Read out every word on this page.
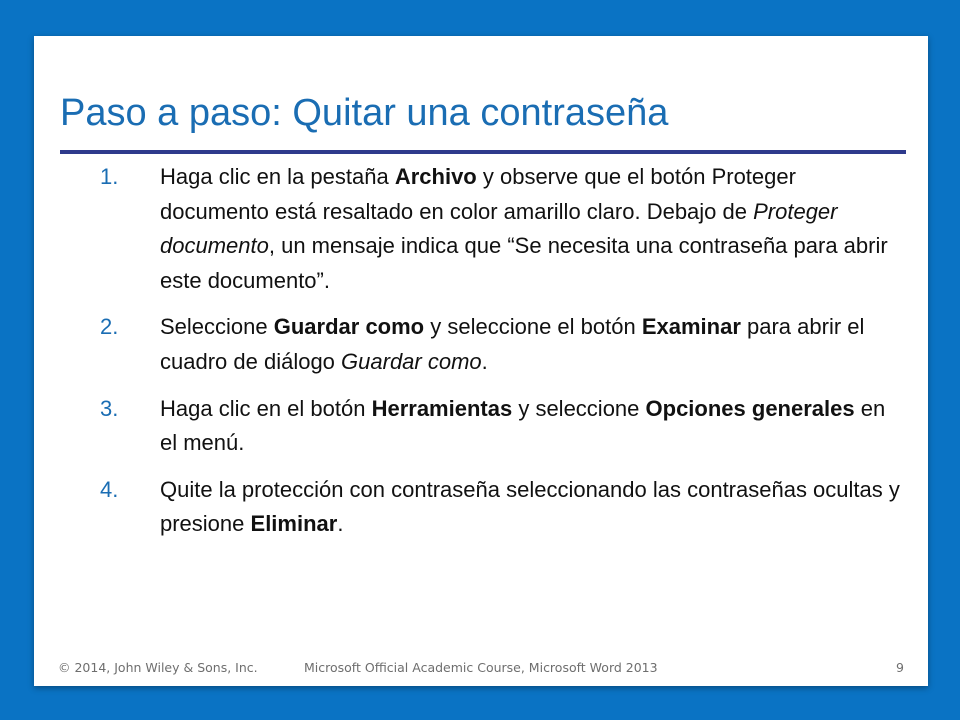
Paso a paso: Quitar una contraseña
1. Haga clic en la pestaña Archivo y observe que el botón Proteger documento está resaltado en color amarillo claro. Debajo de Proteger documento, un mensaje indica que “Se necesita una contraseña para abrir este documento”.
2. Seleccione Guardar como y seleccione el botón Examinar para abrir el cuadro de diálogo Guardar como.
3. Haga clic en el botón Herramientas y seleccione Opciones generales en el menú.
4. Quite la protección con contraseña seleccionando las contraseñas ocultas y presione Eliminar.
© 2014, John Wiley & Sons, Inc.	Microsoft Official Academic Course, Microsoft Word 2013	9
